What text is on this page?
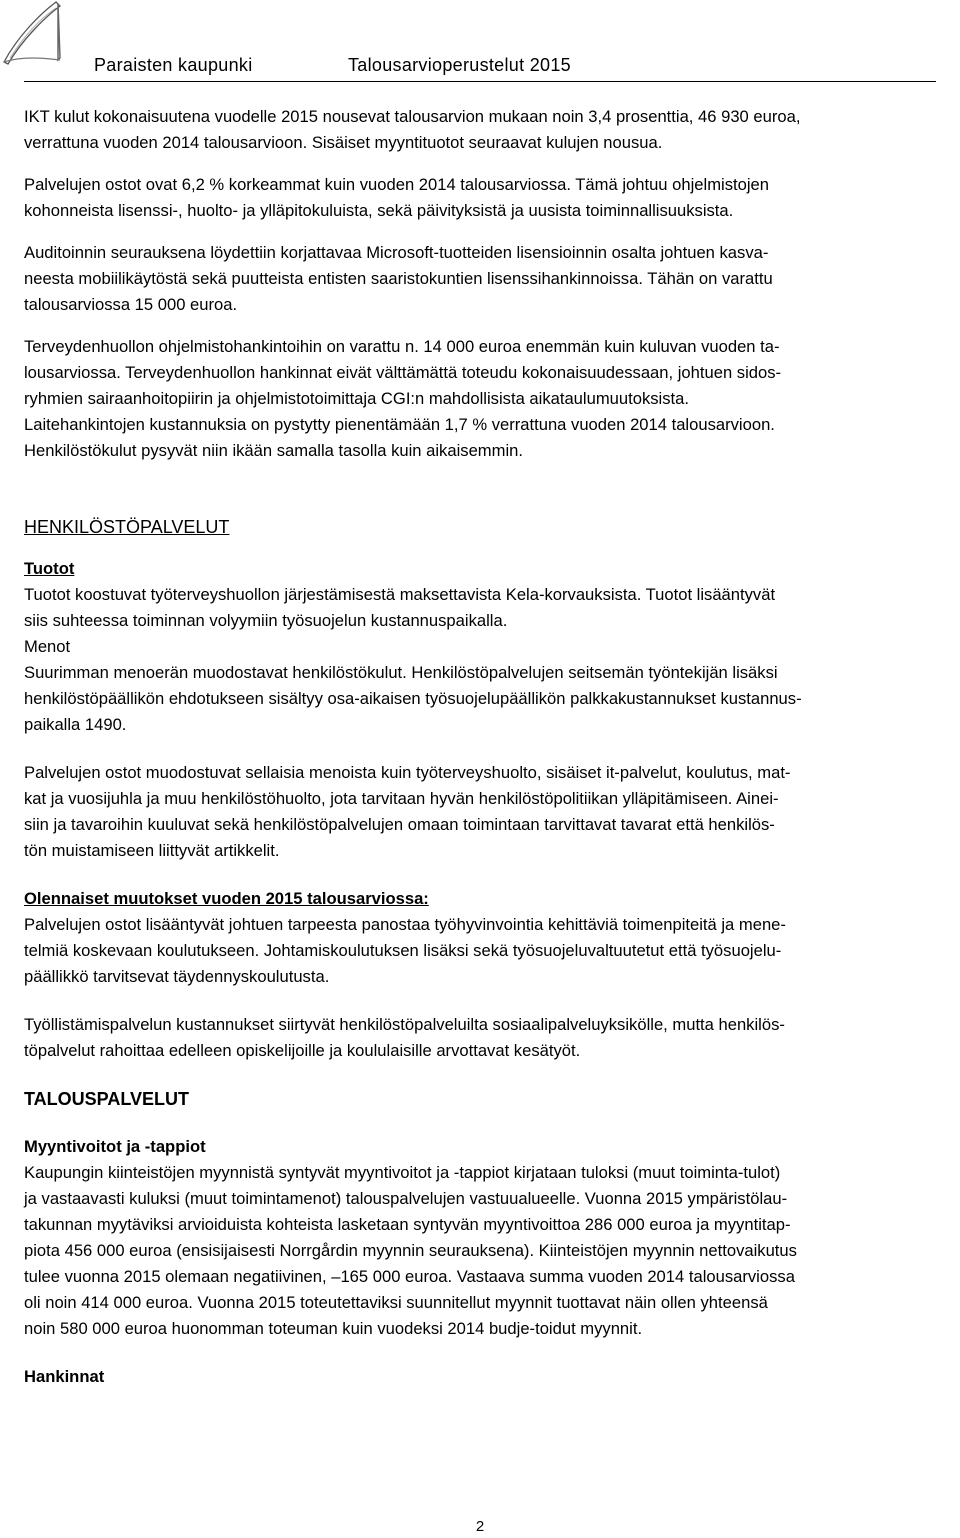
Paraisten kaupunki	Talousarvioperustelut 2015

IKT kulut kokonaisuutena vuodelle 2015 nousevat talousarvion mukaan noin 3,4 prosenttia, 46 930 euroa,

verrattuna vuoden 2014 talousarvioon. Sisäiset myyntituotot seuraavat kulujen nousua.

Palvelujen ostot ovat 6,2 % korkeammat kuin vuoden 2014 talousarviossa. Tämä johtuu ohjelmistojen

kohonneista lisenssi-, huolto- ja ylläpitokuluista, sekä päivityksistä ja uusista toiminnallisuuksista.

Auditoinnin seurauksena löydettiin korjattavaa Microsoft-tuotteiden lisensioinnin osalta johtuen kasva-

neesta mobiilikäytöstä sekä puutteista entisten saaristokuntien lisenssihankinnoissa. Tähän on varattu

talousarviossa 15 000 euroa.

Terveydenhuollon ohjelmistohankintoihin on varattu n. 14 000 euroa enemmän kuin kuluvan vuoden ta-

lousarviossa. Terveydenhuollon hankinnat eivät välttämättä toteudu kokonaisuudessaan, johtuen sidos-

ryhmien sairaanhoitopiirin ja ohjelmistotoimittaja CGI:n mahdollisista aikataulumuutoksista.

Laitehankintojen kustannuksia on pystytty pienentämään 1,7 % verrattuna vuoden 2014 talousarvioon.

Henkilöstökulut pysyvät niin ikään samalla tasolla kuin aikaisemmin.

HENKILÖSTÖPALVELUT

Tuotot

Tuotot koostuvat työterveyshuollon järjestämisestä maksettavista Kela-korvauksista. Tuotot lisääntyvät

siis suhteessa toiminnan volyymiin työsuojelun kustannuspaikalla.

Menot

Suurimman menoerän muodostavat henkilöstökulut. Henkilöstöpalvelujen seitsemän työntekijän lisäksi

henkilöstöpäällikön ehdotukseen sisältyy osa-aikaisen työsuojelupäällikön palkkakustannukset kustannus-

paikalla 1490.

Palvelujen ostot muodostuvat sellaisia menoista kuin työterveyshuolto, sisäiset it-palvelut, koulutus, mat-

kat ja vuosijuhla ja muu henkilöstöhuolto, jota tarvitaan hyvän henkilöstöpolitiikan ylläpitämiseen. Ainei-

siin ja tavaroihin kuuluvat sekä henkilöstöpalvelujen omaan toimintaan tarvittavat tavarat että henkilös-

tön muistamiseen liittyvät artikkelit.

Olennaiset muutokset vuoden 2015 talousarviossa:

Palvelujen ostot lisääntyvät johtuen tarpeesta panostaa työhyvinvointia kehittäviä toimenpiteitä ja mene-

telmiä koskevaan koulutukseen. Johtamiskoulutuksen lisäksi sekä työsuojeluvaltuutetut että työsuojelu-

päällikkö tarvitsevat täydennyskoulutusta.

Työllistämispalvelun kustannukset siirtyvät henkilöstöpalveluilta sosiaalipalveluyksikölle, mutta henkilös-

töpalvelut rahoittaa edelleen opiskelijoille ja koululaisille arvottavat kesätyöt.

TALOUSPALVELUT

Myyntivoitot ja -tappiot

Kaupungin kiinteistöjen myynnistä syntyvät myyntivoitot ja -tappiot kirjataan tuloksi (muut toiminta-tulot)

ja vastaavasti kuluksi (muut toimintamenot) talouspalvelujen vastuualueelle. Vuonna 2015 ympäristölau-

takunnan myytäviksi arvioiduista kohteista lasketaan syntyvän myyntivoittoa 286 000 euroa ja myyntitap-

piota 456 000 euroa (ensisijaisesti Norrgårdin myynnin seurauksena). Kiinteistöjen myynnin nettovaikutus

tulee vuonna 2015 olemaan negatiivinen, –165 000 euroa. Vastaava summa vuoden 2014 talousarviossa

oli noin 414 000 euroa. Vuonna 2015 toteutettaviksi suunnitellut myynnit tuottavat näin ollen yhteensä

noin 580 000 euroa huonomman toteuman kuin vuodeksi 2014 budje-toidut myynnit.

Hankinnat

2
